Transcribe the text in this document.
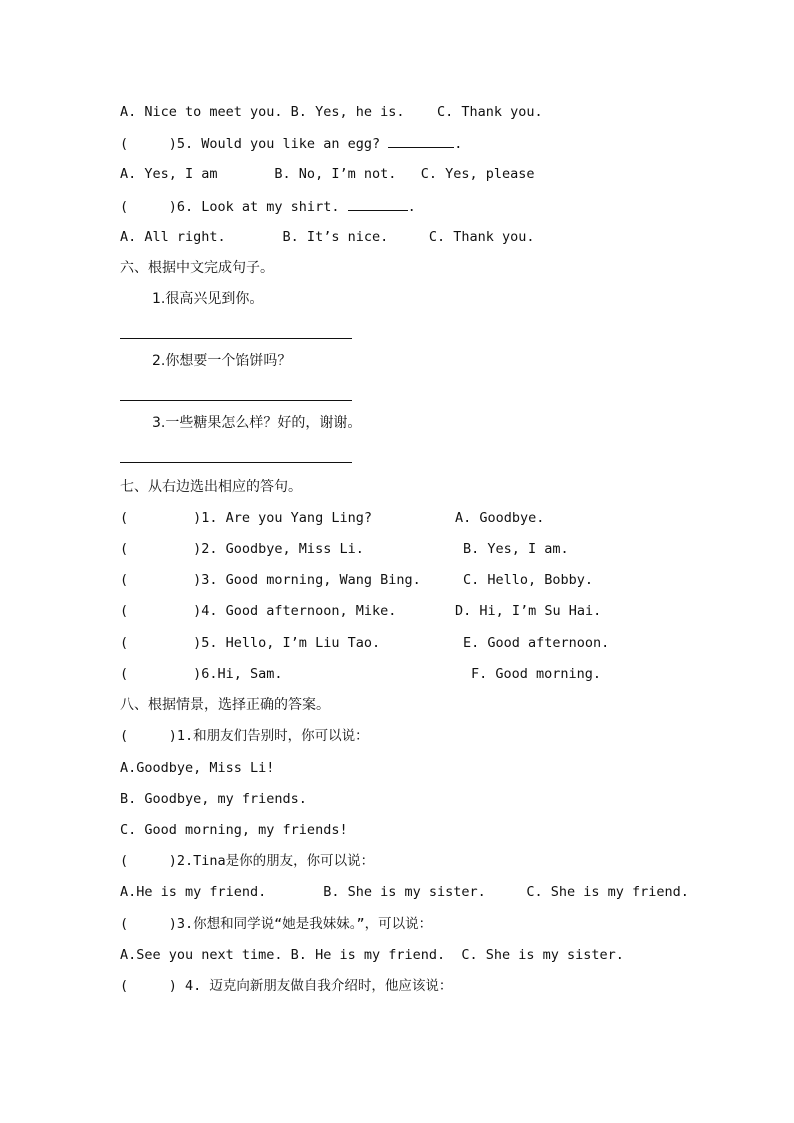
A. Nice to meet you. B. Yes, he is.    C. Thank you.
(     )5. Would you like an egg?	.
A. Yes, I am       B. No, I’m not.   C. Yes, please
(     )6. Look at my shirt.	.
A. All right.       B. It’s nice.     C. Thank you.
六、根据中文完成句子。
1.很高兴见到你。
2.你想要一个馅饼吗？
3.一些糖果怎么样？好的，谢谢。
七、从右边选出相应的答句。
(        )1. Are you Yang Ling?	A. Goodbye.
(        )2. Goodbye, Miss Li.	B. Yes, I am.
(        )3. Good morning, Wang Bing.	C. Hello, Bobby.
(        )4. Good afternoon, Mike.	D. Hi, I’m Su Hai.
(        )5. Hello, I’m Liu Tao.	E. Good afternoon.
(        )6.Hi, Sam.	F. Good morning.
八、根据情景，选择正确的答案。
(     )1.和朋友们告别时，你可以说：
A.Goodbye, Miss Li!
B. Goodbye, my friends.
C. Good morning, my friends!
(     )2.Tina是你的朋友，你可以说：
A.He is my friend.       B. She is my sister.     C. She is my friend.
(     )3.你想和同学说“她是我妹妹。”，可以说：
A.See you next time. B. He is my friend.  C. She is my sister.
(     ) 4. 迈克向新朋友做自我介绍时，他应该说：
